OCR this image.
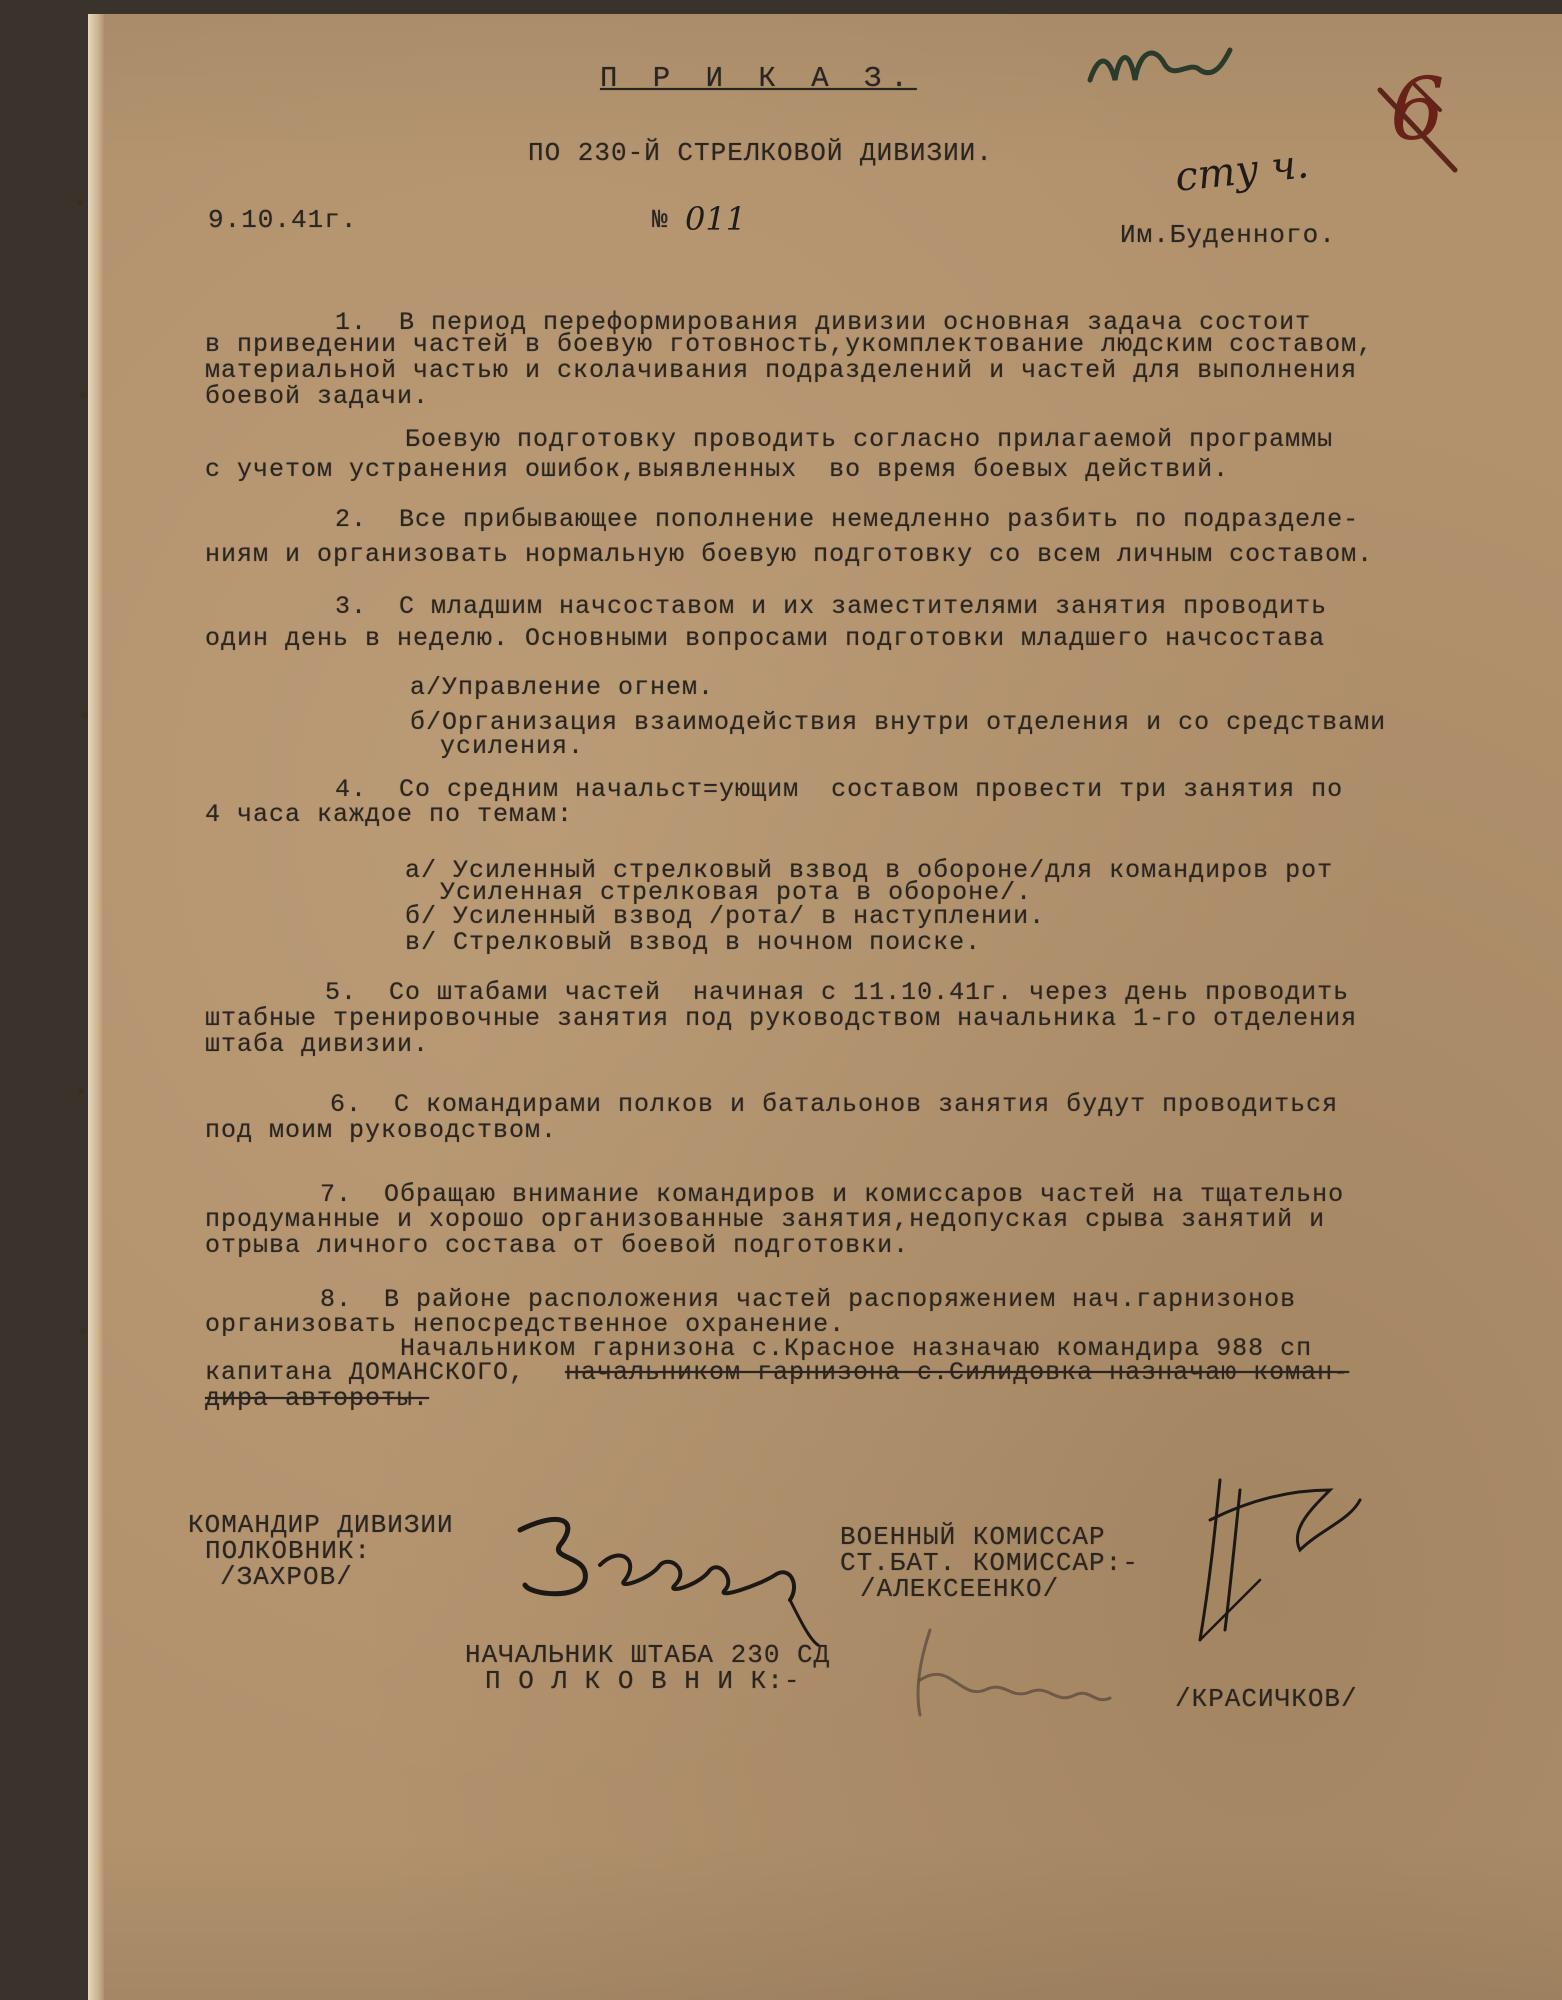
П Р И К А З.
ПО 230-Й СТРЕЛКОВОЙ ДИВИЗИИ.
9.10.41г.	№ 011	Им.Буденного.
сту ч.
6
1.  В период переформирования дивизии основная задача состоит
в приведении частей в боевую готовность,укомплектование людским составом,
материальной частью и сколачивания подразделений и частей для выполнения
боевой задачи.
Боевую подготовку проводить согласно прилагаемой программы
с учетом устранения ошибок,выявленных  во время боевых действий.
2.  Все прибывающее пополнение немедленно разбить по подразделе-
ниям и организовать нормальную боевую подготовку со всем личным составом.
3.  С младшим начсоставом и их заместителями занятия проводить
один день в неделю. Основными вопросами подготовки младшего начсостава
а/Управление огнем.
б/Организация взаимодействия внутри отделения и со средствами
усиления.
4.  Со средним начальст=ующим  составом провести три занятия по
4 часа каждое по темам:
а/ Усиленный стрелковый взвод в обороне/для командиров рот
Усиленная стрелковая рота в обороне/.
б/ Усиленный взвод /рота/ в наступлении.
в/ Стрелковый взвод в ночном поиске.
5.  Со штабами частей  начиная с 11.10.41г. через день проводить
штабные тренировочные занятия под руководством начальника 1-го отделения
штаба дивизии.
6.  С командирами полков и батальонов занятия будут проводиться
под моим руководством.
7.  Обращаю внимание командиров и комиссаров частей на тщательно
продуманные и хорошо организованные занятия,недопуская срыва занятий и
отрыва личного состава от боевой подготовки.
8.  В районе расположения частей распоряжением нач.гарнизонов
организовать непосредственное охранение.
Начальником гарнизона с.Красное назначаю командира 988 сп
капитана ДОМАНСКОГО, начальником гарнизона с.Силидовка назначаю коман-
дира автороты.
КОМАНДИР ДИВИЗИИ
ПОЛКОВНИК:
/ЗАХРОВ/
ВОЕННЫЙ КОМИССАР
СТ.БАТ. КОМИССАР:-
/АЛЕКСЕЕНКО/
НАЧАЛЬНИК ШТАБА 230 СД
П О Л К О В Н И К:-
/КРАСИЧКОВ/
